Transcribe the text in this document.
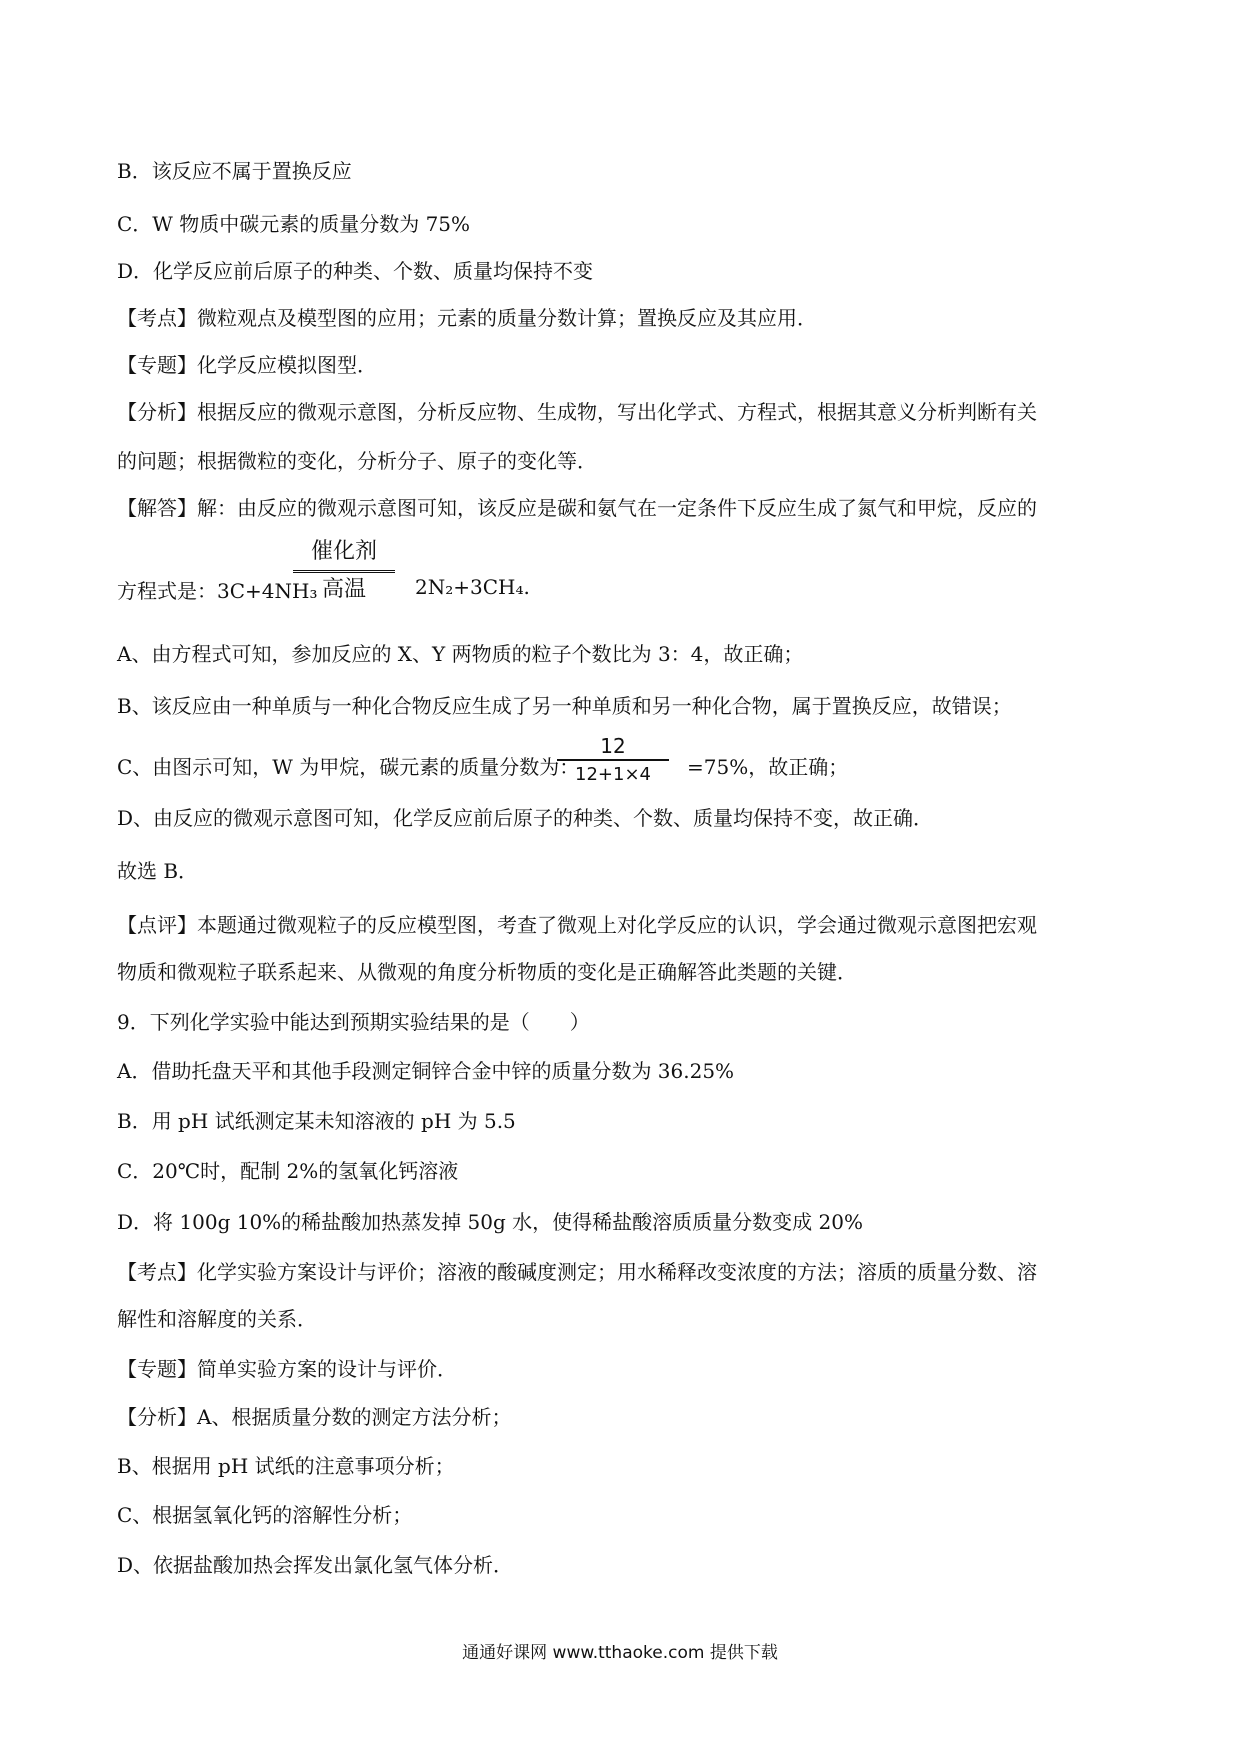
B．该反应不属于置换反应
C．W 物质中碳元素的质量分数为 75%
D．化学反应前后原子的种类、个数、质量均保持不变
【考点】微粒观点及模型图的应用；元素的质量分数计算；置换反应及其应用．
【专题】化学反应模拟图型．
【分析】根据反应的微观示意图，分析反应物、生成物，写出化学式、方程式，根据其意义分析判断有关
的问题；根据微粒的变化，分析分子、原子的变化等．
【解答】解：由反应的微观示意图可知，该反应是碳和氨气在一定条件下反应生成了氮气和甲烷，反应的
方程式是：3C+4NH₃
催化剂
高温	2N₂+3CH₄.
A、由方程式可知，参加反应的 X、Y 两物质的粒子个数比为 3：4，故正确；
B、该反应由一种单质与一种化合物反应生成了另一种单质和另一种化合物，属于置换反应，故错误；
C、由图示可知，W 为甲烷，碳元素的质量分数为：
$\frac{12}{12+1\times 4} =75\%$，故正确；
D、由反应的微观示意图可知，化学反应前后原子的种类、个数、质量均保持不变，故正确．
故选 B．
【点评】本题通过微观粒子的反应模型图，考查了微观上对化学反应的认识，学会通过微观示意图把宏观
物质和微观粒子联系起来、从微观的角度分析物质的变化是正确解答此类题的关键．
9．下列化学实验中能达到预期实验结果的是（　　）
A．借助托盘天平和其他手段测定铜锌合金中锌的质量分数为 36.25%
B．用 pH 试纸测定某未知溶液的 pH 为 5.5
C．20℃时，配制 2%的氢氧化钙溶液
D．将 100g 10%的稀盐酸加热蒸发掉 50g 水，使得稀盐酸溶质质量分数变成 20%
【考点】化学实验方案设计与评价；溶液的酸碱度测定；用水稀释改变浓度的方法；溶质的质量分数、溶
解性和溶解度的关系．
【专题】简单实验方案的设计与评价．
【分析】A、根据质量分数的测定方法分析；
B、根据用 pH 试纸的注意事项分析；
C、根据氢氧化钙的溶解性分析；
D、依据盐酸加热会挥发出氯化氢气体分析．
通通好课网 www.tthaoke.com 提供下载
